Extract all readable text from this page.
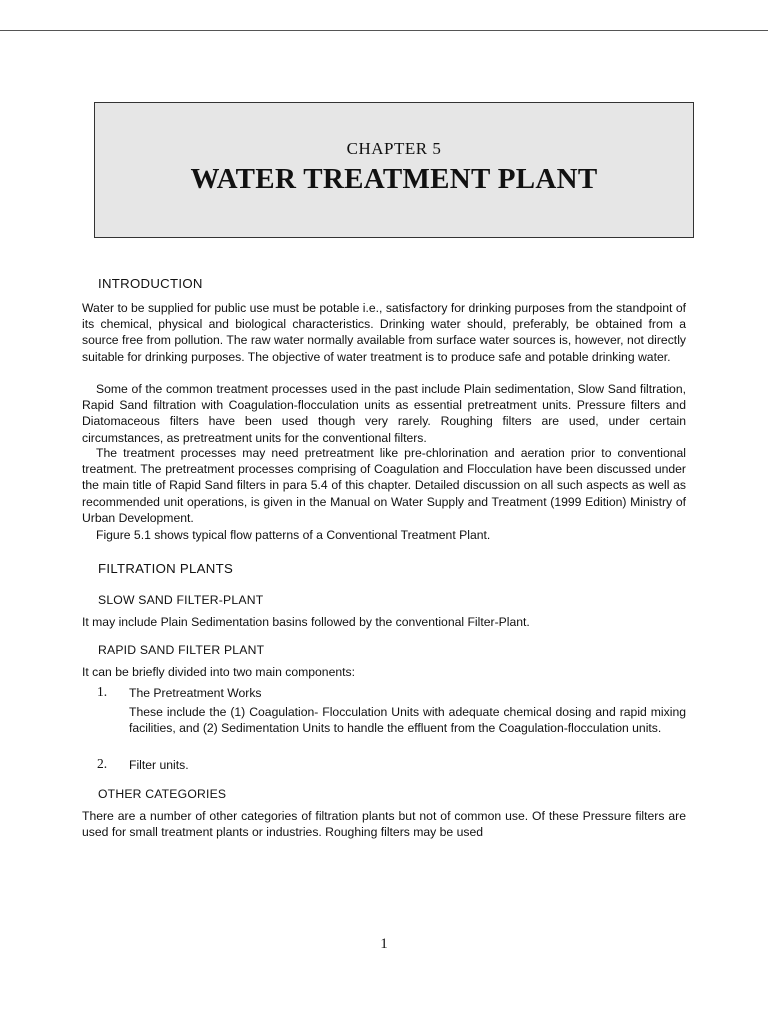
CHAPTER 5
WATER TREATMENT PLANT
INTRODUCTION
Water to be supplied for public use must be potable i.e., satisfactory for drinking purposes from the standpoint of its chemical, physical and biological characteristics. Drinking water should, preferably, be obtained from a source free from pollution. The raw water normally available from surface water sources is, however, not directly suitable for drinking purposes. The objective of water treatment is to produce safe and potable drinking water.
Some of the common treatment processes used in the past include Plain sedimentation, Slow Sand filtration, Rapid Sand filtration with Coagulation-flocculation units as essential pretreatment units. Pressure filters and Diatomaceous filters have been used though very rarely. Roughing filters are used, under certain circumstances, as pretreatment units for the conventional filters.
The treatment processes may need pretreatment like pre-chlorination and aeration prior to conventional treatment. The pretreatment processes comprising of Coagulation and Flocculation have been discussed under the main title of Rapid Sand filters in para 5.4 of this chapter. Detailed discussion on all such aspects as well as recommended unit operations, is given in the Manual on Water Supply and Treatment (1999 Edition) Ministry of Urban Development.
Figure 5.1 shows typical flow patterns of a Conventional Treatment Plant.
FILTRATION PLANTS
SLOW SAND FILTER-PLANT
It may include Plain Sedimentation basins followed by the conventional Filter-Plant.
RAPID SAND FILTER PLANT
It can be briefly divided into two main components:
1. The Pretreatment Works
These include the (1) Coagulation- Flocculation Units with adequate chemical dosing and rapid mixing facilities, and (2) Sedimentation Units to handle the effluent from the Coagulation-flocculation units.
2. Filter units.
OTHER CATEGORIES
There are a number of other categories of filtration plants but not of common use. Of these Pressure filters are used for small treatment plants or industries. Roughing filters may be used
1
